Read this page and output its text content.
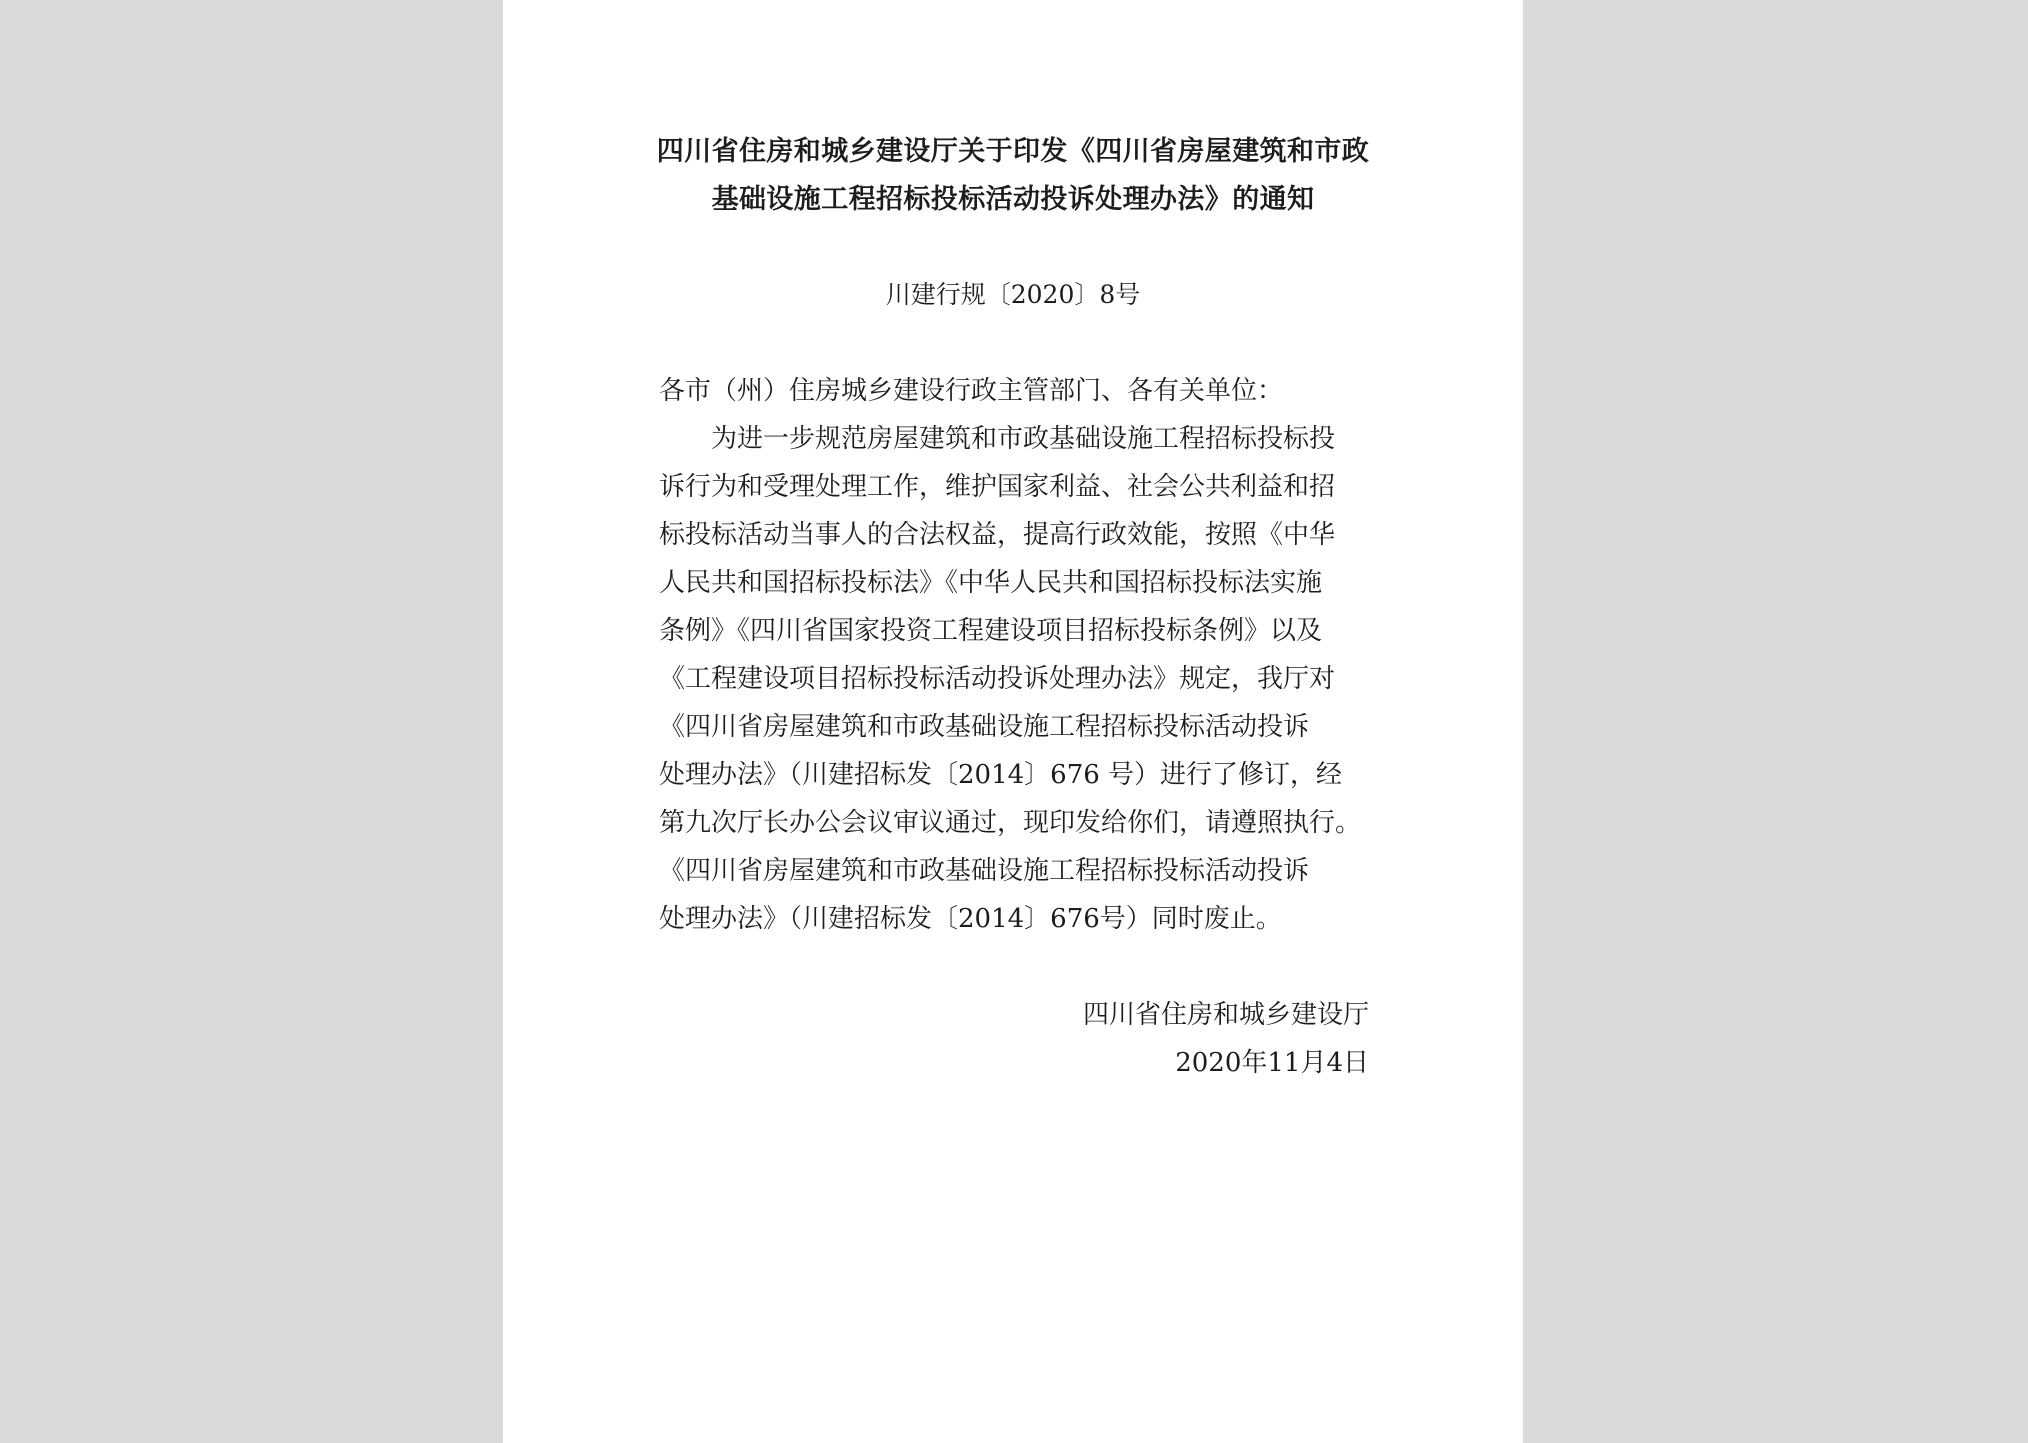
四川省住房和城乡建设厅关于印发《四川省房屋建筑和市政
基础设施工程招标投标活动投诉处理办法》的通知
川建行规〔2020〕8号
各市（州）住房城乡建设行政主管部门、各有关单位：
　　为进一步规范房屋建筑和市政基础设施工程招标投标投
诉行为和受理处理工作，维护国家利益、社会公共利益和招
标投标活动当事人的合法权益，提高行政效能，按照《中华
人民共和国招标投标法》《中华人民共和国招标投标法实施
条例》《四川省国家投资工程建设项目招标投标条例》以及
《工程建设项目招标投标活动投诉处理办法》规定，我厅对
《四川省房屋建筑和市政基础设施工程招标投标活动投诉
处理办法》（川建招标发〔2014〕676 号）进行了修订，经
第九次厅长办公会议审议通过，现印发给你们，请遵照执行。
《四川省房屋建筑和市政基础设施工程招标投标活动投诉
处理办法》（川建招标发〔2014〕676号）同时废止。
四川省住房和城乡建设厅
2020年11月4日
